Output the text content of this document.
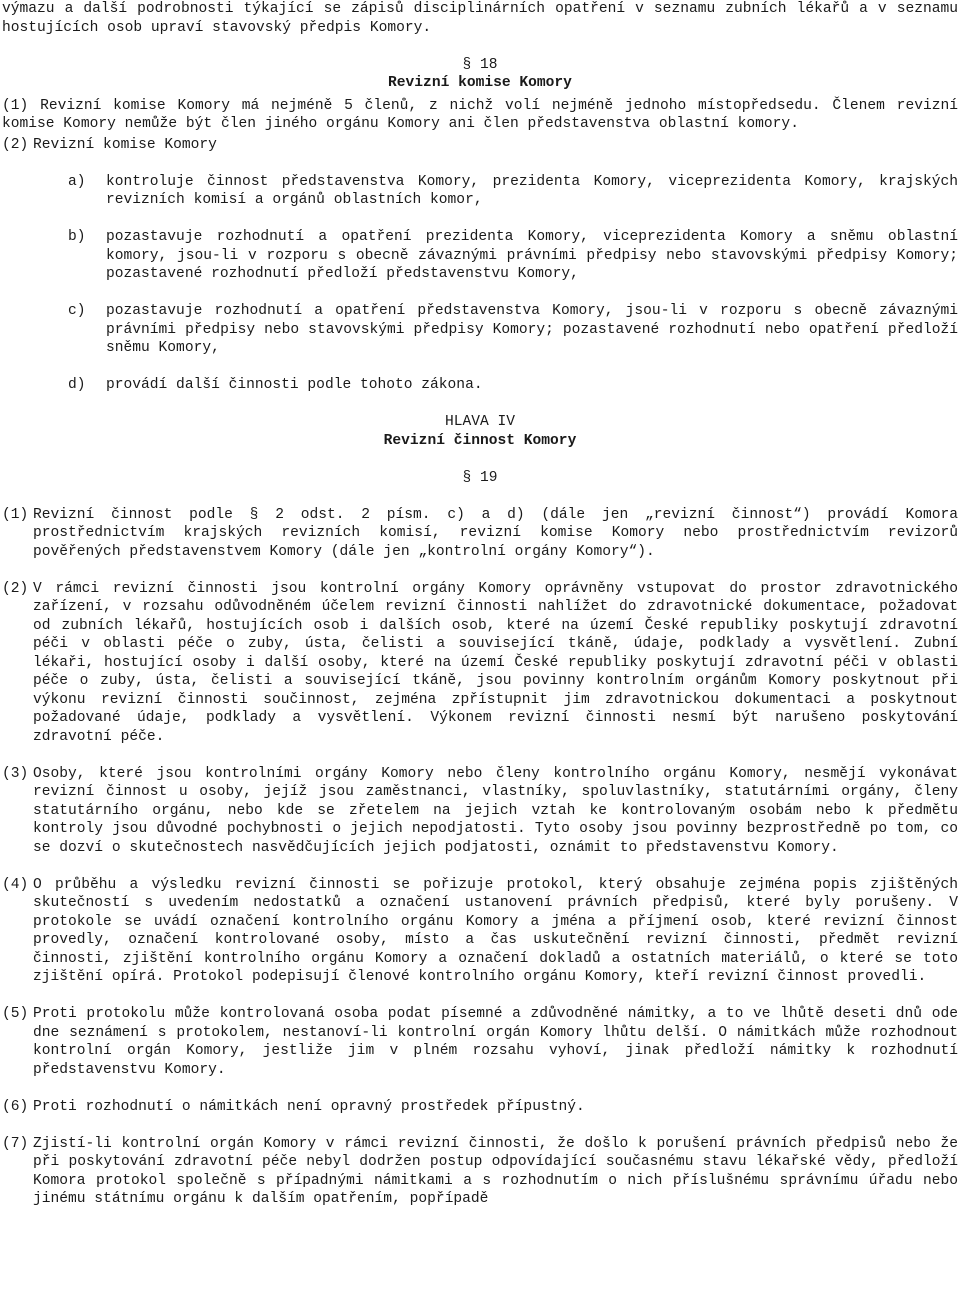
výmazu a další podrobnosti týkající se zápisů disciplinárních opatření v seznamu zubních lékařů a v seznamu hostujících osob upraví stavovský předpis Komory.

§ 18

Revizní komise Komory

(1) Revizní komise Komory má nejméně 5 členů, z nichž volí nejméně jednoho místopředsedu. Členem revizní komise Komory nemůže být člen jiného orgánu Komory ani člen představenstva oblastní komory.

(2) Revizní komise Komory
a)	kontroluje činnost představenstva Komory, prezidenta Komory, viceprezidenta Komory, krajských revizních komisí a orgánů oblastních komor,
b)	pozastavuje rozhodnutí a opatření prezidenta Komory, viceprezidenta Komory a sněmu oblastní komory, jsou-li v rozporu s obecně závaznými právními předpisy nebo stavovskými předpisy Komory; pozastavené rozhodnutí předloží představenstvu Komory,
c)	pozastavuje rozhodnutí a opatření představenstva Komory, jsou-li v rozporu s obecně závaznými právními předpisy nebo stavovskými předpisy Komory; pozastavené rozhodnutí nebo opatření předloží sněmu Komory,
d)	provádí další činnosti podle tohoto zákona.

HLAVA IV

Revizní činnost Komory

§ 19

(1) Revizní činnost podle § 2 odst. 2 písm. c) a d) (dále jen „revizní činnost“) provádí Komora prostřednictvím krajských revizních komisí, revizní komise Komory nebo prostřednictvím revizorů pověřených představenstvem Komory (dále jen „kontrolní orgány Komory“).
(2) V rámci revizní činnosti jsou kontrolní orgány Komory oprávněny vstupovat do prostor zdravotnického zařízení, v rozsahu odůvodněném účelem revizní činnosti nahlížet do zdravotnické dokumentace, požadovat od zubních lékařů, hostujících osob i dalších osob, které na území České republiky poskytují zdravotní péči v oblasti péče o zuby, ústa, čelisti a související tkáně, údaje, podklady a vysvětlení. Zubní lékaři, hostující osoby i další osoby, které na území České republiky poskytují zdravotní péči v oblasti péče o zuby, ústa, čelisti a související tkáně, jsou povinny kontrolním orgánům Komory poskytnout při výkonu revizní činnosti součinnost, zejména zpřístupnit jim zdravotnickou dokumentaci a poskytnout požadované údaje, podklady a vysvětlení. Výkonem revizní činnosti nesmí být narušeno poskytování zdravotní péče.
(3) Osoby, které jsou kontrolními orgány Komory nebo členy kontrolního orgánu Komory, nesmějí vykonávat revizní činnost u osoby, jejíž jsou zaměstnanci, vlastníky, spoluvlastníky, statutárními orgány, členy statutárního orgánu, nebo kde se zřetelem na jejich vztah ke kontrolovaným osobám nebo k předmětu kontroly jsou důvodné pochybnosti o jejich nepodjatosti. Tyto osoby jsou povinny bezprostředně po tom, co se dozví o skutečnostech nasvědčujících jejich podjatosti, oznámit to představenstvu Komory.
(4) O průběhu a výsledku revizní činnosti se pořizuje protokol, který obsahuje zejména popis zjištěných skutečností s uvedením nedostatků a označení ustanovení právních předpisů, které byly porušeny. V protokole se uvádí označení kontrolního orgánu Komory a jména a příjmení osob, které revizní činnost provedly, označení kontrolované osoby, místo a čas uskutečnění revizní činnosti, předmět revizní činnosti, zjištění kontrolního orgánu Komory a označení dokladů a ostatních materiálů, o které se toto zjištění opírá. Protokol podepisují členové kontrolního orgánu Komory, kteří revizní činnost provedli.
(5) Proti protokolu může kontrolovaná osoba podat písemné a zdůvodněné námitky, a to ve lhůtě deseti dnů ode dne seznámení s protokolem, nestanoví-li kontrolní orgán Komory lhůtu delší. O námitkách může rozhodnout kontrolní orgán Komory, jestliže jim v plném rozsahu vyhoví, jinak předloží námitky k rozhodnutí představenstvu Komory.
(6) Proti rozhodnutí o námitkách není opravný prostředek přípustný.
(7) Zjistí-li kontrolní orgán Komory v rámci revizní činnosti, že došlo k porušení právních předpisů nebo že při poskytování zdravotní péče nebyl dodržen postup odpovídající současnému stavu lékařské vědy, předloží Komora protokol společně s případnými námitkami a s rozhodnutím o nich příslušnému správnímu úřadu nebo jinému státnímu orgánu k dalším opatřením, popřípadě
